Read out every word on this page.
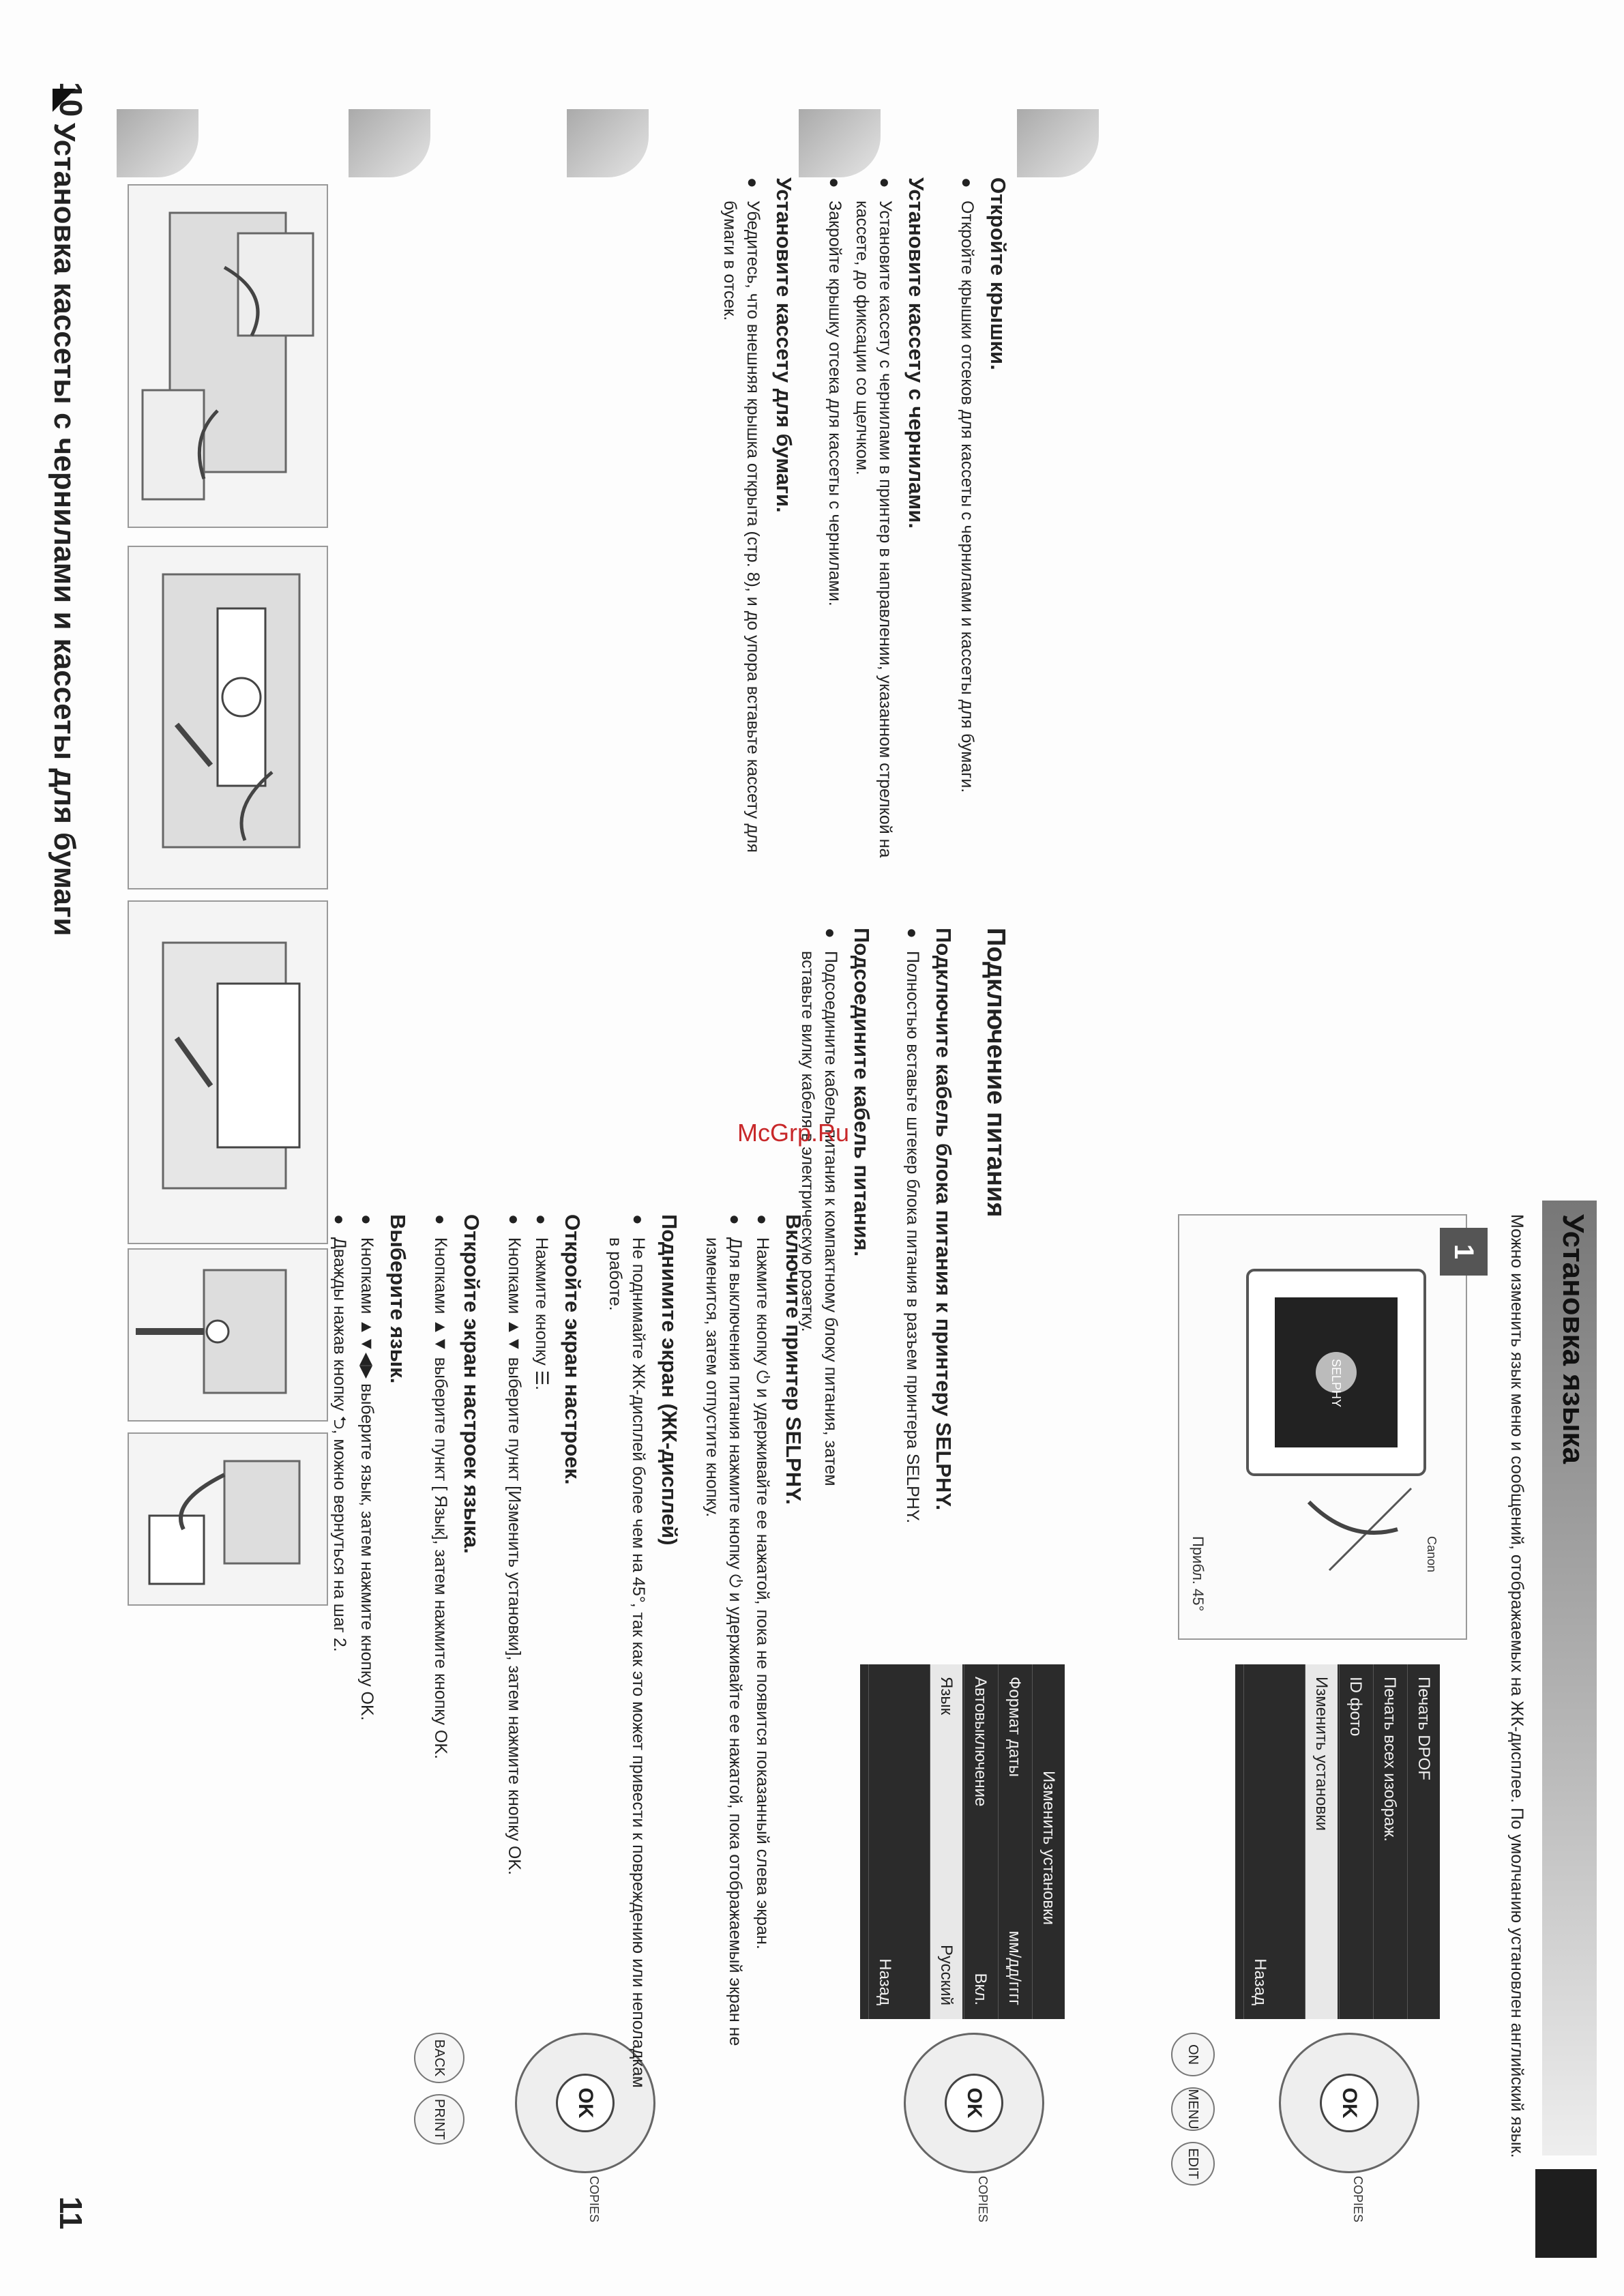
10
Установка кассеты с чернилами и кассеты для бумаги	Откройте крышки.
● Откройте крышки отсеков для кассеты с чернилами и кассеты для бумаги.
Установите кассету с чернилами.
● Установите кассету с чернилами в принтер в направлении, указанном стрелкой на кассете, до фиксации со щелчком.
● Закройте крышку отсека для кассеты с чернилами.
Установите кассету для бумаги.
● Убедитесь, что внешняя крышка открыта (стр. 8), и до упора вставьте кассету для бумаги в отсек.
Подключение питания
Подключите кабель блока питания к принтеру SELPHY.
● Полностью вставьте штекер блока питания в разъем принтера SELPHY.
Подсоедините кабель питания.
● Подсоедините кабель питания к компактному блоку питания, затем вставьте вилку кабеля в электрическую розетку.
McGrp.Ru
Установка языка
Можно изменить язык меню и сообщений, отображаемых на ЖК-дисплее. По умолчанию установлен английский язык.
11
SELPHY
Canon
Прибл. 45°
1
Печать DPOF
Печать всех изображ.
ID фото
Изменить установки
Назад
Изменить установки
Формат даты
мм/дд/гггг
Автовыключение
Вкл.
Язык
Русский
Назад
OK
OK
OK
COPIES
COPIES
COPIES
ON
MENU
EDIT
BACK
PRINT
Включите принтер SELPHY.
● Нажмите кнопку ⏻ и удерживайте ее нажатой, пока не появится показанный слева экран.
● Для выключения питания нажмите кнопку ⏻ и удерживайте ее нажатой, пока отображаемый экран не изменится, затем отпустите кнопку.
Поднимите экран (ЖК-дисплей)
● Не поднимайте ЖК-дисплей более чем на 45°, так как это может привести к повреждению или неполадкам в работе.
Откройте экран настроек.
● Нажмите кнопку ☰.
● Кнопками ▲▼ выберите пункт [Изменить установки], затем нажмите кнопку OK.
Откройте экран настроек языка.
● Кнопками ▲▼ выберите пункт [ Язык], затем нажмите кнопку OK.
Выберите язык.
● Кнопками ▲▼◀▶ выберите язык, затем нажмите кнопку OK.
● Дважды нажав кнопку ⮌, можно вернуться на шаг 2.
